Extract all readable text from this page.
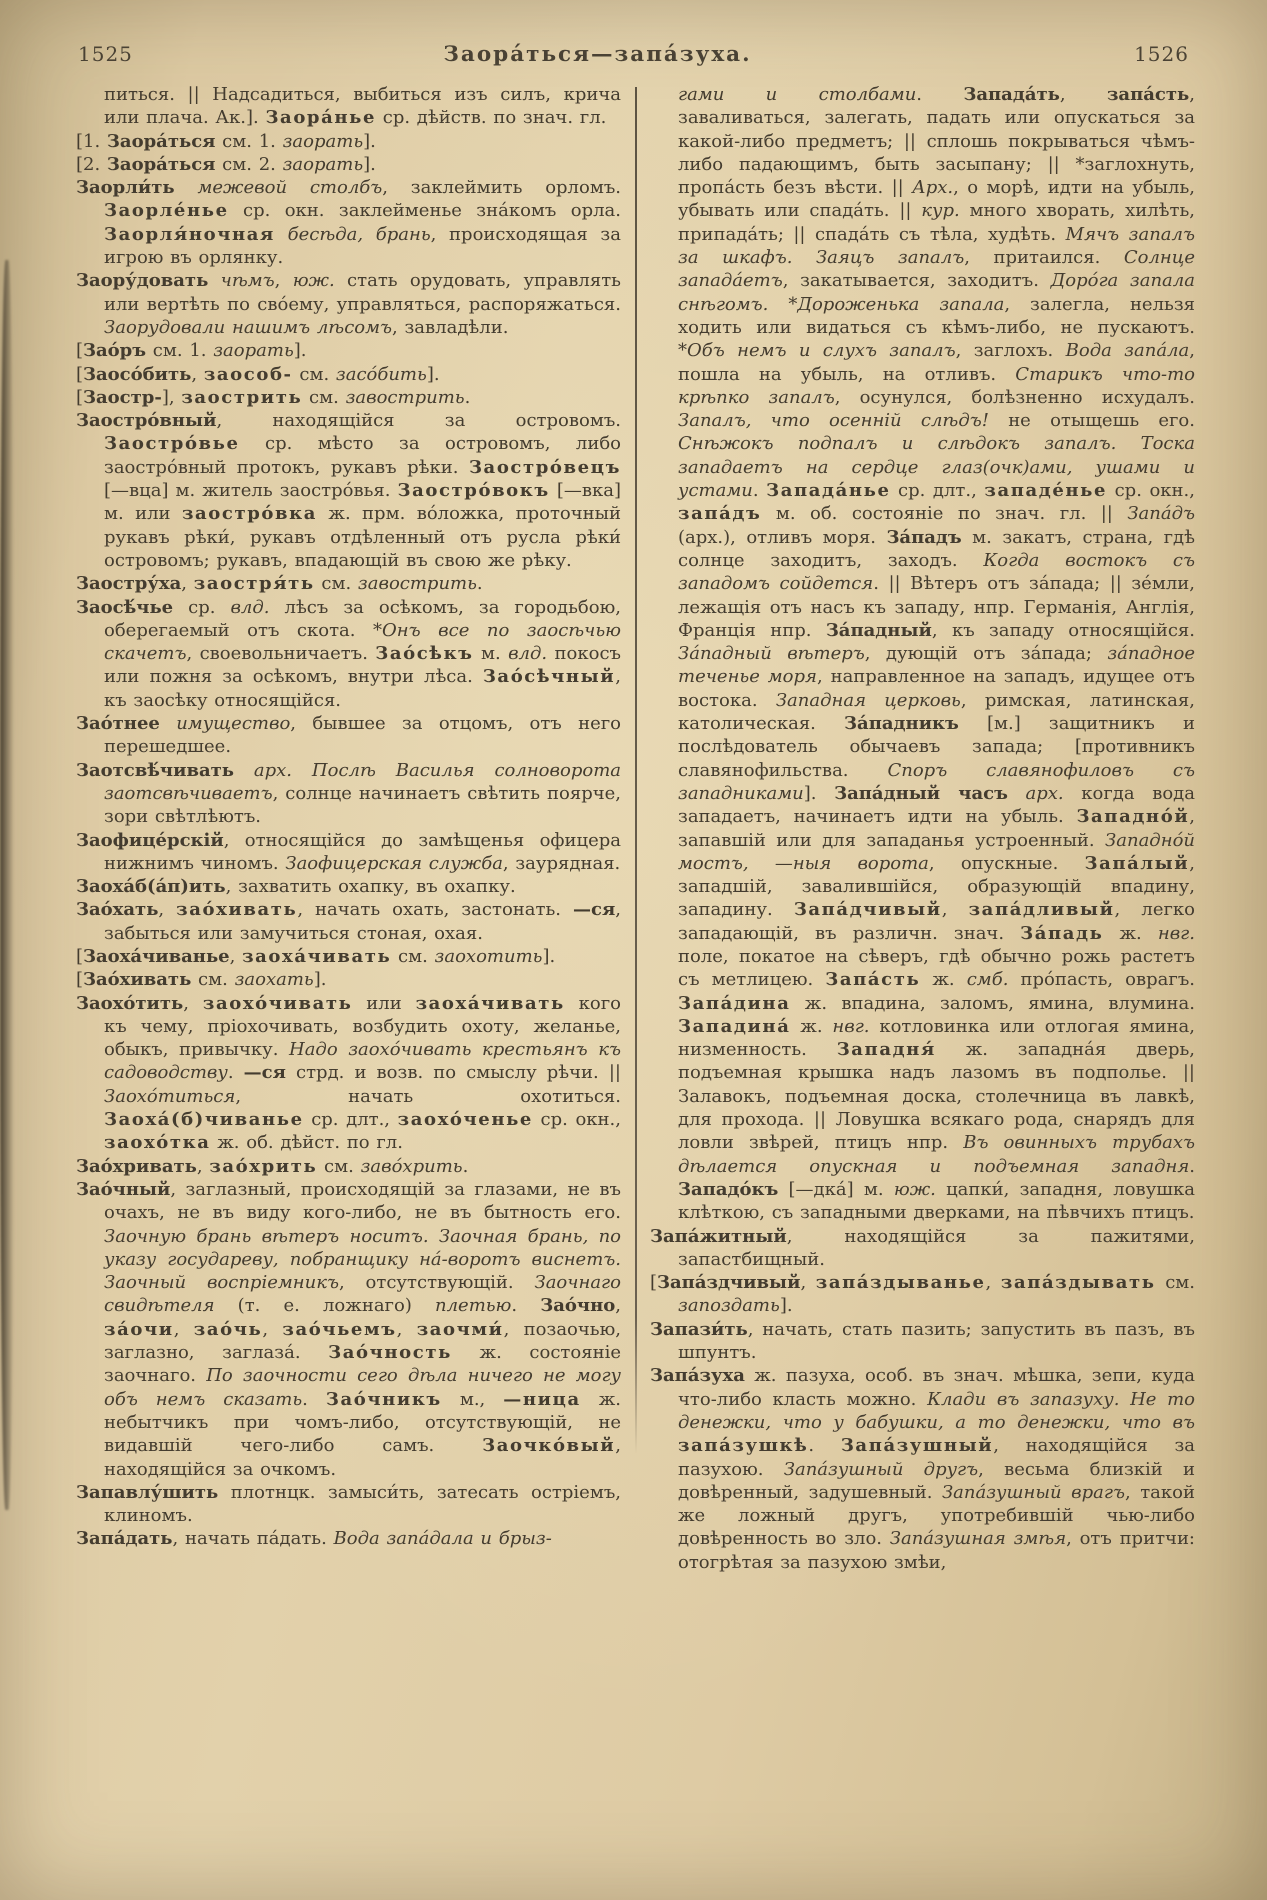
1525	Заора́ться—запа́зуха.	1526

питься. || Надсадиться, выбиться изъ силъ, крича или плача. Ак.]. Заора́нье ср. дѣйств. по знач. гл.

[1. Заора́ться см. 1. заорать].

[2. Заора́ться см. 2. заорать].

Заорли́ть межевой столбъ, заклеймить орломъ. Заорле́нье ср. окн. заклейменье зна́комъ орла. Заорля́ночная бесѣда, брань, происходящая за игрою въ орлянку.

Заору́довать чѣмъ, юж. стать орудовать, управлять или вертѣть по сво́ему, управляться, распоряжаться. Заорудовали нашимъ лѣсомъ, завладѣли.

[Зао́ръ см. 1. заорать].

[Заосо́бить, заособ- см. засо́бить].

[Заостр-], заострить см. завострить.

Заостро́вный, находящійся за островомъ. Заостро́вье ср. мѣсто за островомъ, либо заостро́вный протокъ, рукавъ рѣки. Заостро́вецъ [—вца] м. житель заостро́вья. Заостро́вокъ [—вка] м. или заостро́вка ж. прм. во́ложка, проточный рукавъ рѣки́, рукавъ отдѣленный отъ русла рѣки́ островомъ; рукавъ, впадающій въ свою же рѣку.

Заостру́ха, заостря́ть см. завострить.

Заосѣ́чье ср. влд. лѣсъ за осѣкомъ, за городьбою, оберегаемый отъ скота. *Онъ все по заосѣчью скачетъ, своевольничаетъ. Зао́сѣкъ м. влд. покосъ или пожня за осѣкомъ, внутри лѣса. Зао́сѣчный, къ заосѣку относящійся.

Зао́тнее имущество, бывшее за отцомъ, отъ него перешедшее.

Заотсвѣ́чивать арх. Послѣ Василья солноворота заотсвѣчиваетъ, солнце начинаетъ свѣтить поярче, зори свѣтлѣютъ.

Заофице́рскій, относящійся до замѣщенья офицера нижнимъ чиномъ. Заофицерская служба, заурядная.

Заоха́б(а́п)ить, захватить охапку, въ охапку.

Зао́хать, зао́хивать, начать охать, застонать. —ся, забыться или замучиться стоная, охая.

[Заоха́чиванье, заоха́чивать см. заохотить].

[Зао́хивать см. заохать].

Заохо́тить, заохо́чивать или заоха́чивать кого къ чему, пріохочивать, возбудить охоту, желанье, обыкъ, привычку. Надо заохо́чивать крестьянъ къ садоводству. —ся стрд. и возв. по смыслу рѣчи. || Заохо́титься, начать охотиться. Заоха́(б)чиванье ср. длт., заохо́ченье ср. окн., заохо́тка ж. об. дѣйст. по гл.

Зао́хривать, зао́хрить см. заво́хрить.

Зао́чный, заглазный, происходящій за глазами, не въ очахъ, не въ виду кого-либо, не въ бытность его. Заочную брань вѣтеръ носитъ. Заочная брань, по указу государеву, побранщику на́-воротъ виснетъ. Заочный воспріемникъ, отсутствующій. Заочнаго свидѣтеля (т. е. ложнаго) плетью. Зао́чно, за́очи, зао́чь, зао́чьемъ, заочми́, позаочью, заглазно, заглаза́. Зао́чность ж. состояніе заочнаго. По заочности сего дѣла ничего не могу объ немъ сказать. Зао́чникъ м., —ница ж. небытчикъ при чомъ-либо, отсутствующій, не видавшій чего-либо самъ. Заочко́вый, находящійся за очкомъ.

Запавлу́шить плотнцк. замыси́ть, затесать остріемъ, клиномъ.

Запа́дать, начать па́дать. Вода запа́дала и брыз-

гами и столбами. Запада́ть, запа́сть, заваливаться, залегать, падать или опускаться за какой-либо предметъ; || сплошь покрываться чѣмъ-либо падающимъ, быть засыпану; || *заглохнуть, пропа́сть безъ вѣсти. || Арх., о морѣ, идти на убыль, убывать или спада́ть. || кур. много хворать, хилѣть, припада́ть; || спада́ть съ тѣла, худѣть. Мячъ запалъ за шкафъ. Заяцъ запалъ, притаился. Солнце запада́етъ, закатывается, заходитъ. Доро́га запала снѣгомъ. *Дороженька запала, залегла, нельзя ходить или видаться съ кѣмъ-либо, не пускаютъ. *Объ немъ и слухъ запалъ, заглохъ. Вода запа́ла, пошла на убыль, на отливъ. Старикъ что-то крѣпко запалъ, осунулся, болѣзненно исхудалъ. Запалъ, что осенній слѣдъ! не отыщешь его. Снѣжокъ подпалъ и слѣдокъ запалъ. Тоска западаетъ на сердце глаз(очк)ами, ушами и устами. Запада́нье ср. длт., западе́нье ср. окн., запа́дъ м. об. состояніе по знач. гл. || Запа́дъ (арх.), отливъ моря. За́падъ м. закатъ, страна, гдѣ солнце заходитъ, заходъ. Когда востокъ съ западомъ сойдется. || Вѣтеръ отъ за́пада; || зе́мли, лежащія отъ насъ къ западу, нпр. Германія, Англія, Франція нпр. За́падный, къ западу относящійся. За́падный вѣтеръ, дующій отъ за́пада; за́падное теченье моря, направленное на западъ, идущее отъ востока. Западная церковь, римская, латинская, католическая. За́падникъ [м.] защитникъ и послѣдователь обычаевъ запада; [противникъ славянофильства. Споръ славянофиловъ съ западниками]. Запа́дный часъ арх. когда вода западаетъ, начинаетъ идти на убыль. Западно́й, запавшій или для западанья устроенный. Западно́й мостъ, —ныя ворота, опускные. Запа́лый, западшій, завалившійся, образующій впадину, западину. Запа́дчивый, запа́дливый, легко западающій, въ различн. знач. За́падь ж. нвг. поле, покатое на сѣверъ, гдѣ обычно рожь растетъ съ метлицею. Запа́сть ж. смб. про́пасть, оврагъ. Запа́дина ж. впадина, заломъ, ямина, влумина. Западина́ ж. нвг. котловинка или отлогая ямина, низменность. Западня́ ж. западна́я дверь, подъемная крышка надъ лазомъ въ подполье. || Залавокъ, подъемная доска, столечница въ лавкѣ, для прохода. || Ловушка всякаго рода, снарядъ для ловли звѣрей, птицъ нпр. Въ овинныхъ трубахъ дѣлается опускная и подъемная западня. Западо́къ [—дка́] м. юж. цапки́, западня, ловушка клѣткою, съ западными дверками, на пѣвчихъ птицъ.

Запа́житный, находящійся за пажитями, запастбищный.

[Запа́здчивый, запа́здыванье, запа́здывать см. запоздать].

Запази́ть, начать, стать пазить; запустить въ пазъ, въ шпунтъ.

Запа́зуха ж. пазуха, особ. въ знач. мѣшка, зепи, куда что-либо класть можно. Клади въ запазуху. Не то денежки, что у бабушки, а то денежки, что въ запа́зушкѣ. Запа́зушный, находящійся за пазухою. Запа́зушный другъ, весьма близкій и довѣренный, задушевный. Запа́зушный врагъ, такой же ложный другъ, употребившій чью-либо довѣренность во зло. Запа́зушная змѣя, отъ притчи: отогрѣтая за пазухою змѣи,
